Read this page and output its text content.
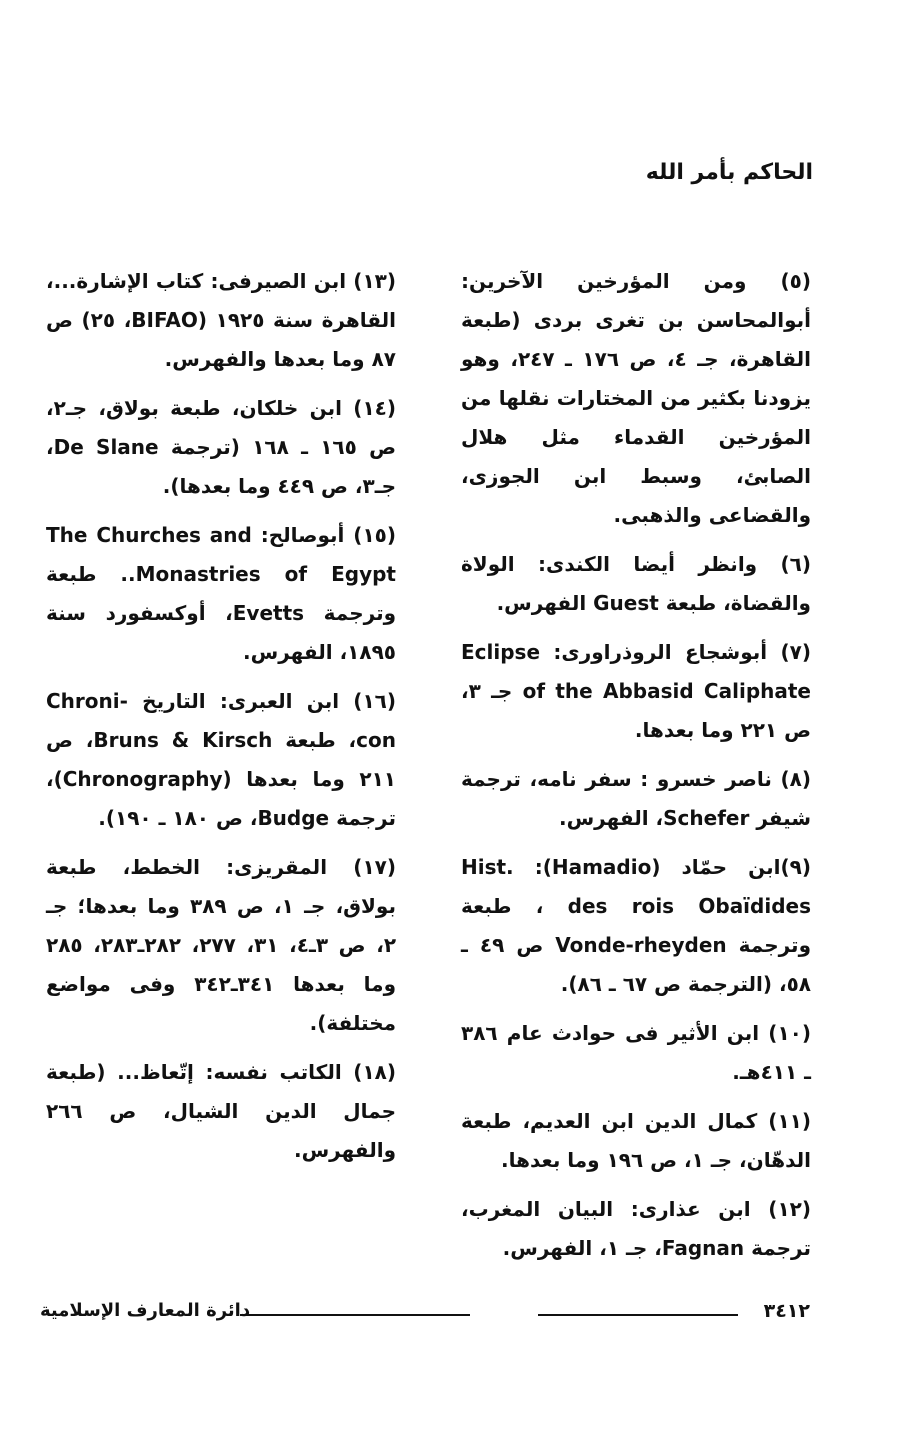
الحاكم بأمر الله

(٥) ومن المؤرخين الآخرين: أبوالمحاسن بن تغرى بردى (طبعة القاهرة، جـ ٤، ص ١٧٦ ـ ٢٤٧، وهو يزودنا بكثير من المختارات نقلها من المؤرخين القدماء مثل هلال الصابئ، وسبط ابن الجوزى، والقضاعى والذهبى.

(٦) وانظر أيضا الكندى: الولاة والقضاة، طبعة Guest الفهرس.

(٧) أبوشجاع الروذراورى: Eclipse of the Abbasid Caliphate جـ ٣، ص ٢٢١ وما بعدها.

(٨) ناصر خسرو : سفر نامه، ترجمة شيفر Schefer، الفهرس.

(٩)ابن حمّاد (Hamadio): Hist. des rois Obaïdides ، طبعة وترجمة Vonde-rheyden ص ٤٩ ـ ٥٨، (الترجمة ص ٦٧ ـ ٨٦).

(١٠) ابن الأثير فى حوادث عام ٣٨٦ ـ ٤١١هـ.

(١١) كمال الدين ابن العديم، طبعة الدهّان، جـ ١، ص ١٩٦ وما بعدها.

(١٢) ابن عذارى: البيان المغرب، ترجمة Fagnan، جـ ١، الفهرس.

(١٣) ابن الصيرفى: كتاب الإشارة...، القاهرة سنة ١٩٢٥ (BIFAO، ٢٥) ص ٨٧ وما بعدها والفهرس.

(١٤) ابن خلكان، طبعة بولاق، جـ٢، ص ١٦٥ ـ ١٦٨ (ترجمة De Slane، جـ٣، ص ٤٤٩ وما بعدها).

(١٥) أبوصالح: The Churches and Monastries of Egypt.. طبعة وترجمة Evetts، أوكسفورد سنة ١٨٩٥، الفهرس.

(١٦) ابن العبرى: التاريخ Chroni-con، طبعة Bruns & Kirsch، ص ٢١١ وما بعدها (Chronography)، ترجمة Budge، ص ١٨٠ ـ ١٩٠).

(١٧) المقريزى: الخطط، طبعة بولاق، جـ ١، ص ٣٨٩ وما بعدها؛ جـ ٢، ص ٣ـ٤، ٣١، ٢٧٧، ٢٨٢ـ٢٨٣، ٢٨٥ وما بعدها ٣٤١ـ٣٤٢ وفى مواضع مختلفة).

(١٨) الكاتب نفسه: إتّعاظ... (طبعة جمال الدين الشيال، ص ٢٦٦ والفهرس.

٣٤١٢
دائرة المعارف الإسلامية
